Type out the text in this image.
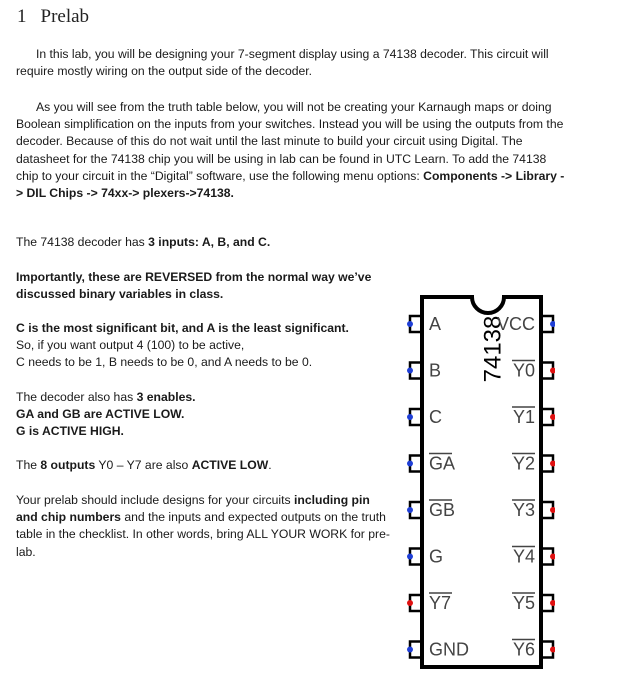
1 Prelab

In this lab, you will be designing your 7-segment display using a 74138 decoder. This circuit will require mostly wiring on the output side of the decoder.

As you will see from the truth table below, you will not be creating your Karnaugh maps or doing Boolean simplification on the inputs from your switches. Instead you will be using the outputs from the decoder. Because of this do not wait until the last minute to build your circuit using Digital. The datasheet for the 74138 chip you will be using in lab can be found in UTC Learn. To add the 74138 chip to your circuit in the “Digital” software, use the following menu options: Components -> Library -> DIL Chips -> 74xx-> plexers->74138.

The 74138 decoder has 3 inputs: A, B, and C.

Importantly, these are REVERSED from the normal way we’ve discussed binary variables in class.

C is the most significant bit, and A is the least significant.
So, if you want output 4 (100) to be active,
C needs to be 1, B needs to be 0, and A needs to be 0.
The decoder also has 3 enables.
GA and GB are ACTIVE LOW.
G is ACTIVE HIGH.
The 8 outputs Y0 – Y7 are also ACTIVE LOW.

Your prelab should include designs for your circuits including pin and chip numbers and the inputs and expected outputs on the truth table in the checklist. In other words, bring ALL YOUR WORK for pre-lab.

74138
A
B
C
GA
GB
G
Y7
GND
VCC
Y0
Y1
Y2
Y3
Y4
Y5
Y6
